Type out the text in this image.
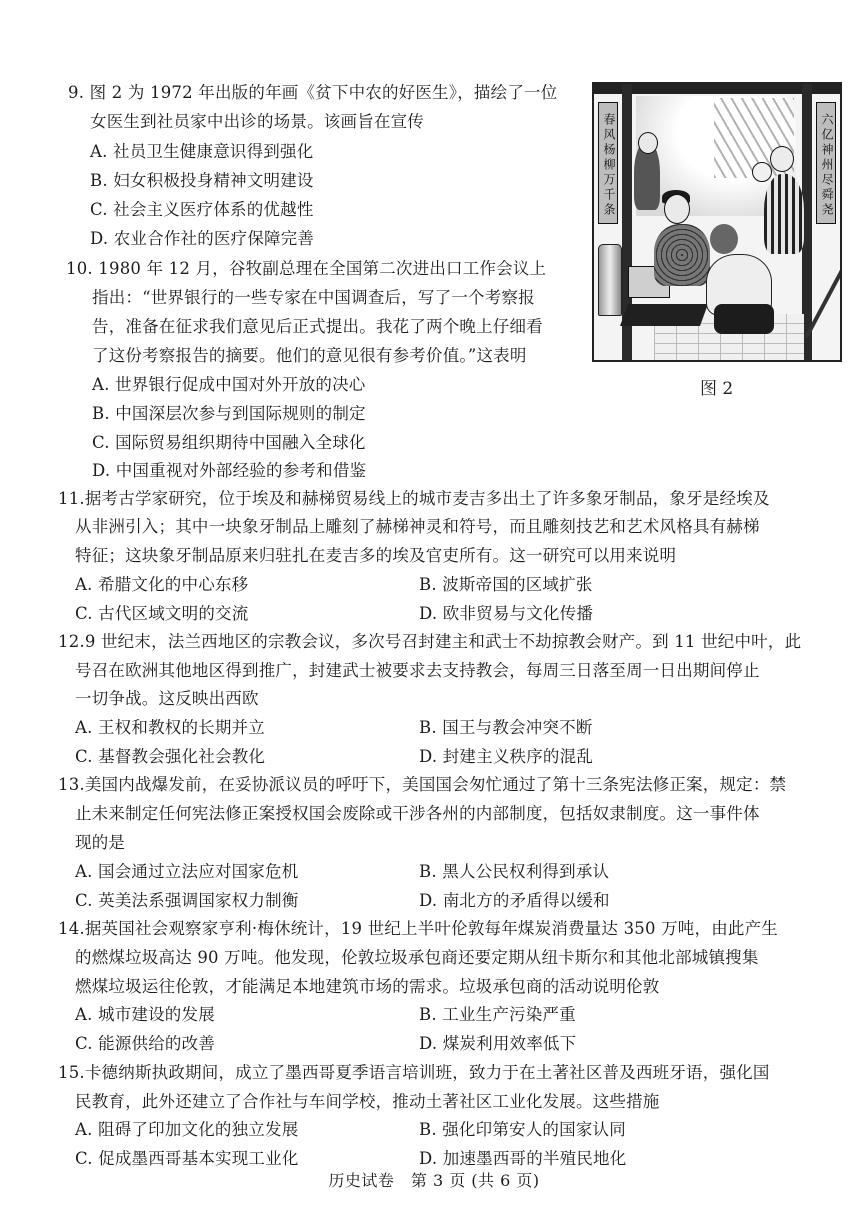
9. 图 2 为 1972 年出版的年画《贫下中农的好医生》，描绘了一位
女医生到社员家中出诊的场景。该画旨在宣传
A. 社员卫生健康意识得到强化
B. 妇女积极投身精神文明建设
C. 社会主义医疗体系的优越性
D. 农业合作社的医疗保障完善
春风杨柳万千条	六亿神州尽舜尧
图 2
10. 1980 年 12 月，谷牧副总理在全国第二次进出口工作会议上
指出：“世界银行的一些专家在中国调查后，写了一个考察报
告，准备在征求我们意见后正式提出。我花了两个晚上仔细看
了这份考察报告的摘要。他们的意见很有参考价值。”这表明
A. 世界银行促成中国对外开放的决心
B. 中国深层次参与到国际规则的制定
C. 国际贸易组织期待中国融入全球化
D. 中国重视对外部经验的参考和借鉴
11.据考古学家研究，位于埃及和赫梯贸易线上的城市麦吉多出土了许多象牙制品，象牙是经埃及
从非洲引入；其中一块象牙制品上雕刻了赫梯神灵和符号，而且雕刻技艺和艺术风格具有赫梯
特征；这块象牙制品原来归驻扎在麦吉多的埃及官吏所有。这一研究可以用来说明
A. 希腊文化的中心东移	B. 波斯帝国的区域扩张
C. 古代区域文明的交流	D. 欧非贸易与文化传播
12.9 世纪末，法兰西地区的宗教会议，多次号召封建主和武士不劫掠教会财产。到 11 世纪中叶，此
号召在欧洲其他地区得到推广，封建武士被要求去支持教会，每周三日落至周一日出期间停止
一切争战。这反映出西欧
A. 王权和教权的长期并立	B. 国王与教会冲突不断
C. 基督教会强化社会教化	D. 封建主义秩序的混乱
13.美国内战爆发前，在妥协派议员的呼吁下，美国国会匆忙通过了第十三条宪法修正案，规定：禁
止未来制定任何宪法修正案授权国会废除或干涉各州的内部制度，包括奴隶制度。这一事件体
现的是
A. 国会通过立法应对国家危机	B. 黑人公民权利得到承认
C. 英美法系强调国家权力制衡	D. 南北方的矛盾得以缓和
14.据英国社会观察家亨利·梅休统计，19 世纪上半叶伦敦每年煤炭消费量达 350 万吨，由此产生
的燃煤垃圾高达 90 万吨。他发现，伦敦垃圾承包商还要定期从纽卡斯尔和其他北部城镇搜集
燃煤垃圾运往伦敦，才能满足本地建筑市场的需求。垃圾承包商的活动说明伦敦
A. 城市建设的发展	B. 工业生产污染严重
C. 能源供给的改善	D. 煤炭利用效率低下
15.卡德纳斯执政期间，成立了墨西哥夏季语言培训班，致力于在土著社区普及西班牙语，强化国
民教育，此外还建立了合作社与车间学校，推动土著社区工业化发展。这些措施
A. 阻碍了印加文化的独立发展	B. 强化印第安人的国家认同
C. 促成墨西哥基本实现工业化	D. 加速墨西哥的半殖民地化
历史试卷　第 3 页 (共 6 页)
